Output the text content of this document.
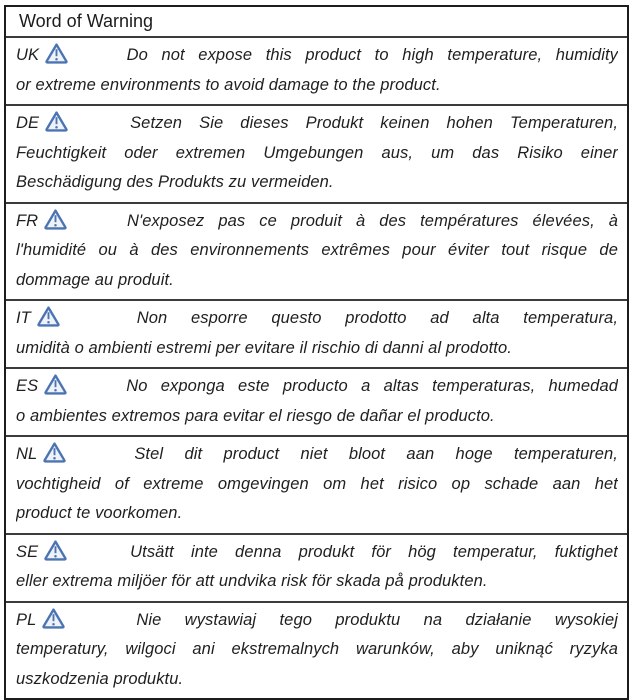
Word of Warning
UK	Do not expose this product to high temperature, humidity
or extreme environments to avoid damage to the product.
DE	Setzen Sie dieses Produkt keinen hohen Temperaturen,
Feuchtigkeit oder extremen Umgebungen aus, um das Risiko einer
Beschädigung des Produkts zu vermeiden.
FR	N'exposez pas ce produit à des températures élevées, à
l'humidité ou à des environnements extrêmes pour éviter tout risque de
dommage au produit.
IT	Non esporre questo prodotto ad alta temperatura,
umidità o ambienti estremi per evitare il rischio di danni al prodotto.
ES	No exponga este producto a altas temperaturas, humedad
o ambientes extremos para evitar el riesgo de dañar el producto.
NL	Stel dit product niet bloot aan hoge temperaturen,
vochtigheid of extreme omgevingen om het risico op schade aan het
product te voorkomen.
SE	Utsätt inte denna produkt för hög temperatur, fuktighet
eller extrema miljöer för att undvika risk för skada på produkten.
PL	Nie wystawiaj tego produktu na działanie wysokiej
temperatury, wilgoci ani ekstremalnych warunków, aby uniknąć ryzyka
uszkodzenia produktu.
